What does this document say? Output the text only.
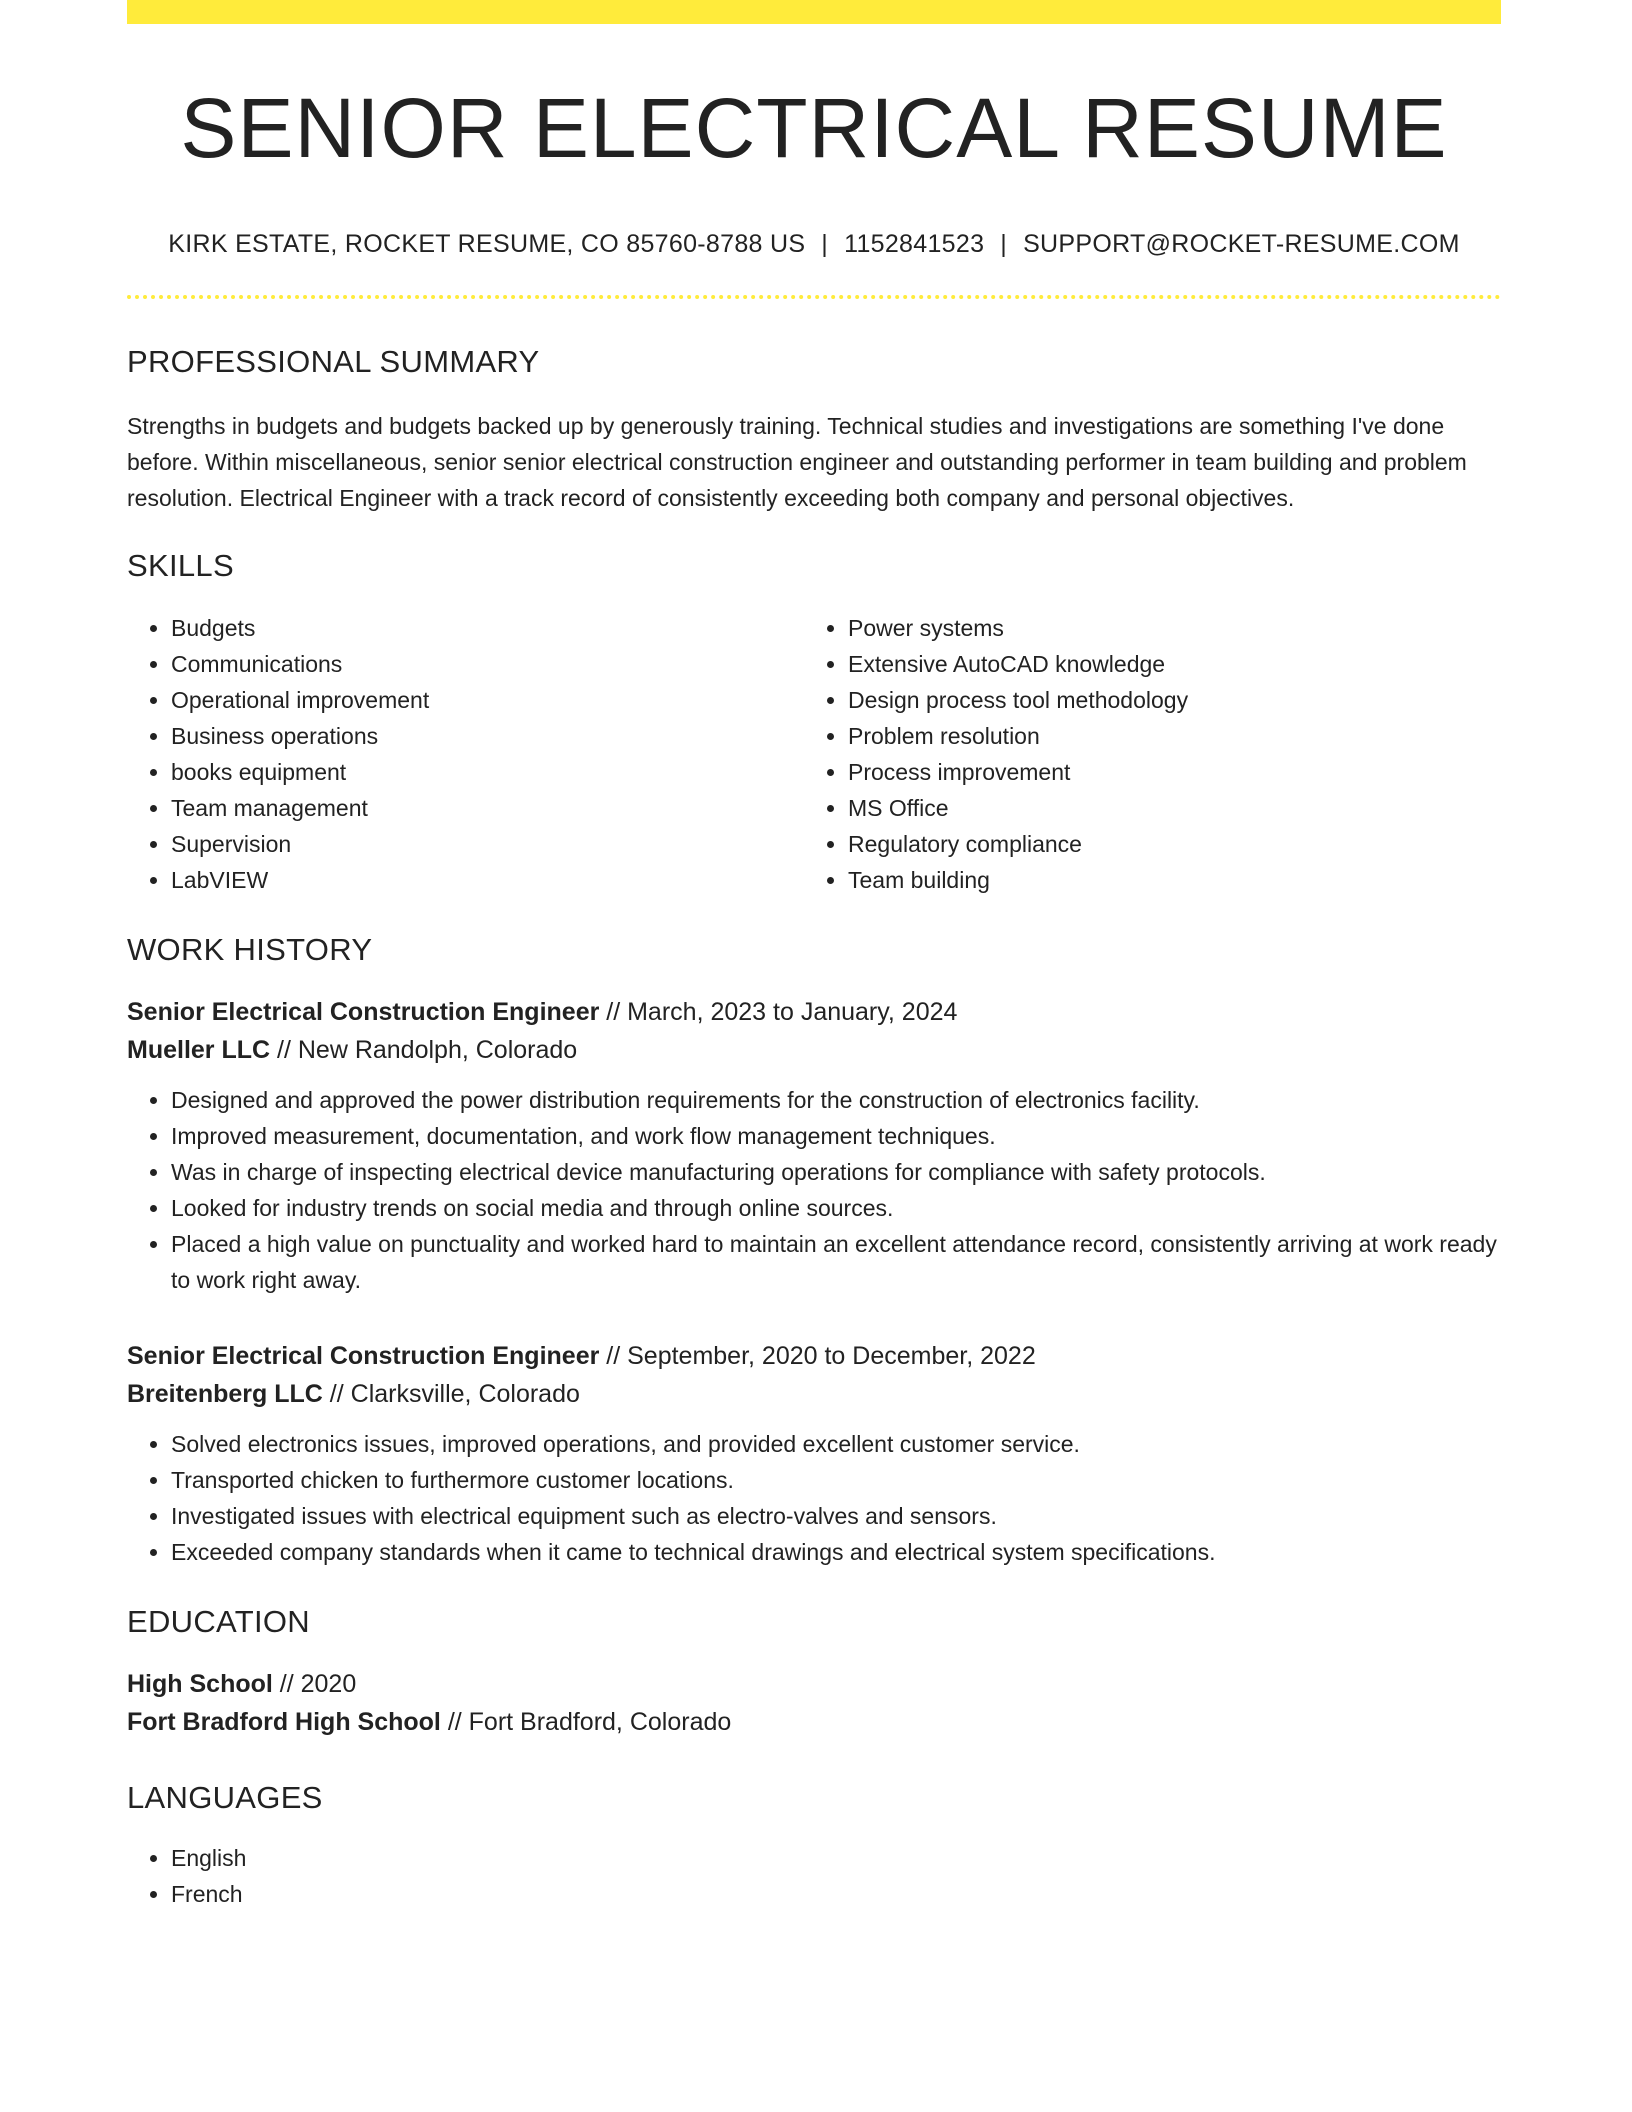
SENIOR ELECTRICAL RESUME
KIRK ESTATE, ROCKET RESUME, CO 85760-8788 US | 1152841523 | SUPPORT@ROCKET-RESUME.COM
PROFESSIONAL SUMMARY

Strengths in budgets and budgets backed up by generously training. Technical studies and investigations are something I've done before. Within miscellaneous, senior senior electrical construction engineer and outstanding performer in team building and problem resolution. Electrical Engineer with a track record of consistently exceeding both company and personal objectives.

SKILLS
• Budgets
• Communications
• Operational improvement
• Business operations
• books equipment
• Team management
• Supervision
• LabVIEW
• Power systems
• Extensive AutoCAD knowledge
• Design process tool methodology
• Problem resolution
• Process improvement
• MS Office
• Regulatory compliance
• Team building
WORK HISTORY
Senior Electrical Construction Engineer // March, 2023 to January, 2024
Mueller LLC // New Randolph, Colorado
• Designed and approved the power distribution requirements for the construction of electronics facility.
• Improved measurement, documentation, and work flow management techniques.
• Was in charge of inspecting electrical device manufacturing operations for compliance with safety protocols.
• Looked for industry trends on social media and through online sources.
• Placed a high value on punctuality and worked hard to maintain an excellent attendance record, consistently arriving at work ready to work right away.
Senior Electrical Construction Engineer // September, 2020 to December, 2022
Breitenberg LLC // Clarksville, Colorado
• Solved electronics issues, improved operations, and provided excellent customer service.
• Transported chicken to furthermore customer locations.
• Investigated issues with electrical equipment such as electro-valves and sensors.
• Exceeded company standards when it came to technical drawings and electrical system specifications.
EDUCATION
High School // 2020
Fort Bradford High School // Fort Bradford, Colorado
LANGUAGES
• English
• French
